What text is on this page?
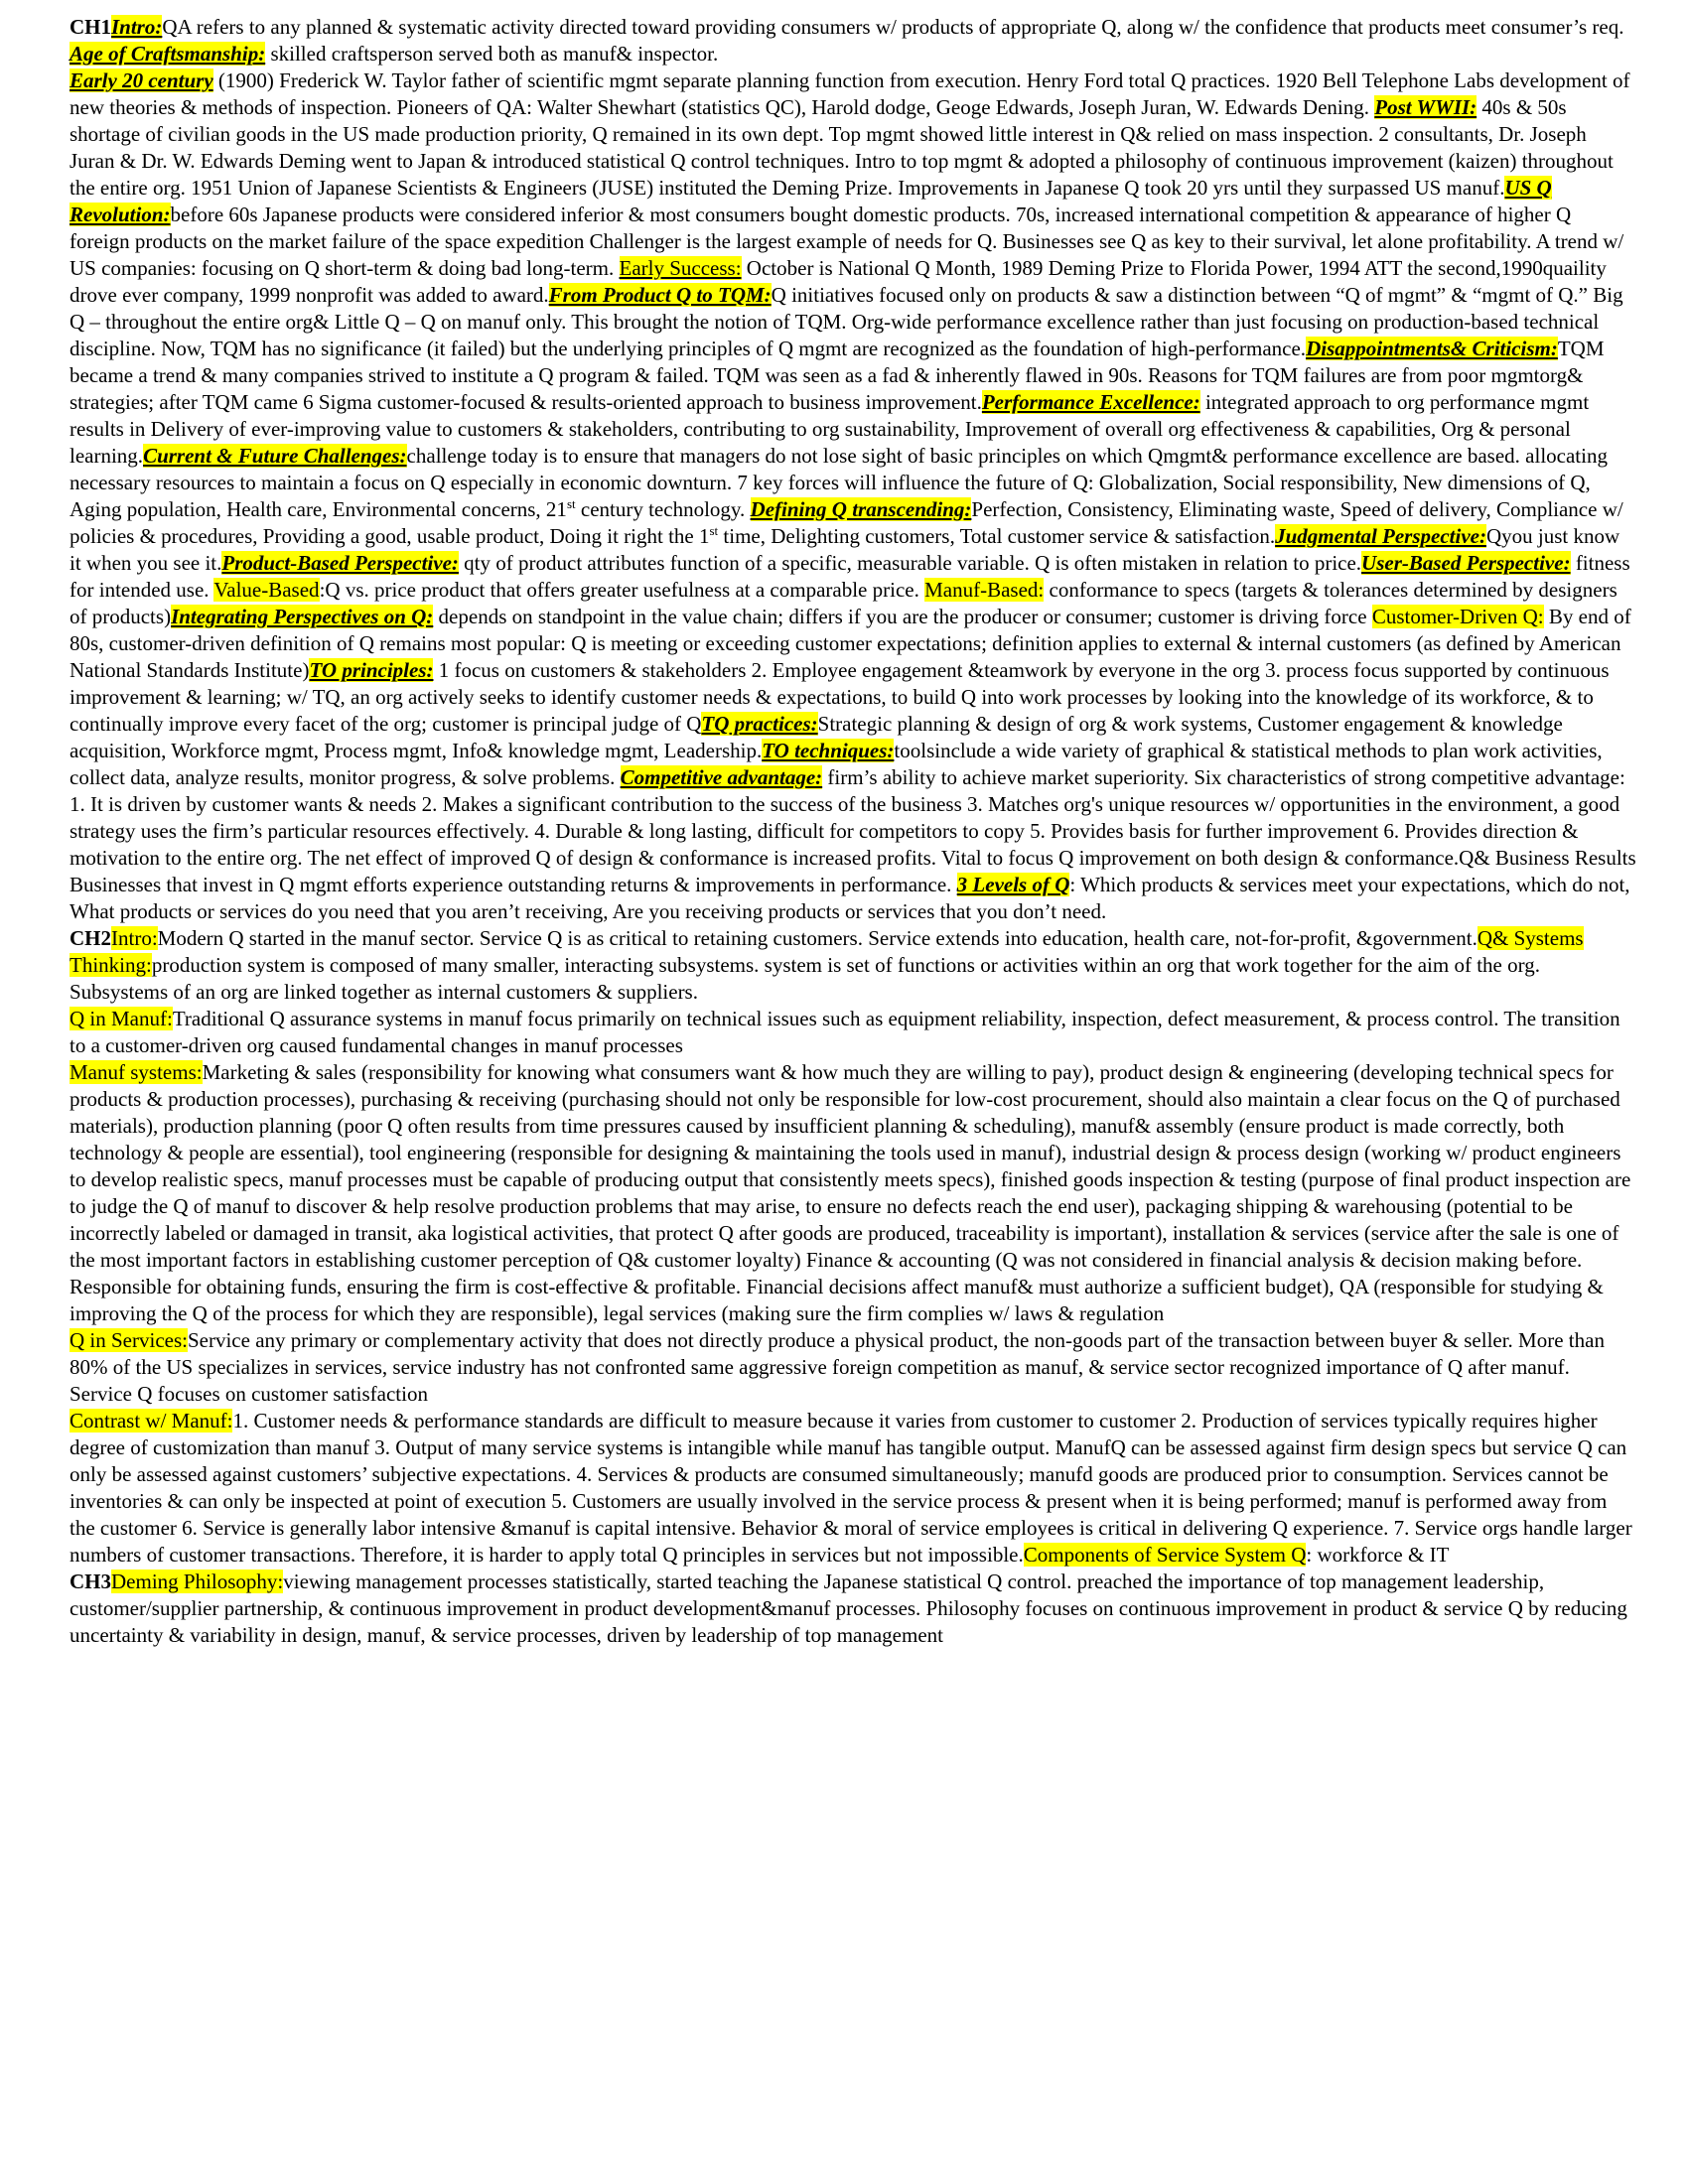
CH1Intro:QA refers to any planned & systematic activity directed toward providing consumers w/ products of appropriate Q, along w/ the confidence that products meet consumer’s req. Age of Craftsmanship: skilled craftsperson served both as manuf& inspector.

Early 20 century (1900) Frederick W. Taylor father of scientific mgmt separate planning function from execution. Henry Ford total Q practices. 1920 Bell Telephone Labs development of new theories & methods of inspection. Pioneers of QA: Walter Shewhart (statistics QC), Harold dodge, Geoge Edwards, Joseph Juran, W. Edwards Dening. Post WWII: 40s & 50s shortage of civilian goods in the US made production priority, Q remained in its own dept. Top mgmt showed little interest in Q& relied on mass inspection. 2 consultants, Dr. Joseph Juran & Dr. W. Edwards Deming went to Japan & introduced statistical Q control techniques. Intro to top mgmt & adopted a philosophy of continuous improvement (kaizen) throughout the entire org. 1951 Union of Japanese Scientists & Engineers (JUSE) instituted the Deming Prize. Improvements in Japanese Q took 20 yrs until they surpassed US manuf.US Q Revolution:before 60s Japanese products were considered inferior & most consumers bought domestic products. 70s, increased international competition & appearance of higher Q foreign products on the market failure of the space expedition Challenger is the largest example of needs for Q. Businesses see Q as key to their survival, let alone profitability. A trend w/ US companies: focusing on Q short-term & doing bad long-term. Early Success: October is National Q Month, 1989 Deming Prize to Florida Power, 1994 ATT the second,1990quaility drove ever company, 1999 nonprofit was added to award.From Product Q to TQM:Q initiatives focused only on products & saw a distinction between “Q of mgmt” & “mgmt of Q.” Big Q – throughout the entire org& Little Q – Q on manuf only. This brought the notion of TQM. Org-wide performance excellence rather than just focusing on production-based technical discipline. Now, TQM has no significance (it failed) but the underlying principles of Q mgmt are recognized as the foundation of high-performance.Disappointments& Criticism:TQM became a trend & many companies strived to institute a Q program & failed. TQM was seen as a fad & inherently flawed in 90s. Reasons for TQM failures are from poor mgmtorg& strategies; after TQM came 6 Sigma customer-focused & results-oriented approach to business improvement.Performance Excellence: integrated approach to org performance mgmt results in Delivery of ever-improving value to customers & stakeholders, contributing to org sustainability, Improvement of overall org effectiveness & capabilities, Org & personal learning.Current & Future Challenges:challenge today is to ensure that managers do not lose sight of basic principles on which Qmgmt& performance excellence are based. allocating necessary resources to maintain a focus on Q especially in economic downturn. 7 key forces will influence the future of Q: Globalization, Social responsibility, New dimensions of Q, Aging population, Health care, Environmental concerns, 21st century technology. Defining Q transcending:Perfection, Consistency, Eliminating waste, Speed of delivery, Compliance w/ policies & procedures, Providing a good, usable product, Doing it right the 1st time, Delighting customers, Total customer service & satisfaction.Judgmental Perspective:Qyou just know it when you see it.Product-Based Perspective: qty of product attributes function of a specific, measurable variable. Q is often mistaken in relation to price.User-Based Perspective: fitness for intended use. Value-Based:Q vs. price product that offers greater usefulness at a comparable price. Manuf-Based: conformance to specs (targets & tolerances determined by designers of products)Integrating Perspectives on Q: depends on standpoint in the value chain; differs if you are the producer or consumer; customer is driving force Customer-Driven Q: By end of 80s, customer-driven definition of Q remains most popular: Q is meeting or exceeding customer expectations; definition applies to external & internal customers (as defined by American National Standards Institute)TO principles: 1 focus on customers & stakeholders 2. Employee engagement &teamwork by everyone in the org 3. process focus supported by continuous improvement & learning; w/ TQ, an org actively seeks to identify customer needs & expectations, to build Q into work processes by looking into the knowledge of its workforce, & to continually improve every facet of the org; customer is principal judge of QTQ practices:Strategic planning & design of org & work systems, Customer engagement & knowledge acquisition, Workforce mgmt, Process mgmt, Info& knowledge mgmt, Leadership.TO techniques:toolsinclude a wide variety of graphical & statistical methods to plan work activities, collect data, analyze results, monitor progress, & solve problems. Competitive advantage: firm’s ability to achieve market superiority. Six characteristics of strong competitive advantage: 1. It is driven by customer wants & needs 2. Makes a significant contribution to the success of the business 3. Matches org's unique resources w/ opportunities in the environment, a good strategy uses the firm’s particular resources effectively. 4. Durable & long lasting, difficult for competitors to copy 5. Provides basis for further improvement 6. Provides direction & motivation to the entire org. The net effect of improved Q of design & conformance is increased profits. Vital to focus Q improvement on both design & conformance.Q& Business Results Businesses that invest in Q mgmt efforts experience outstanding returns & improvements in performance. 3 Levels of Q: Which products & services meet your expectations, which do not, What products or services do you need that you aren’t receiving, Are you receiving products or services that you don’t need.

CH2Intro:Modern Q started in the manuf sector. Service Q is as critical to retaining customers. Service extends into education, health care, not-for-profit, &government.Q& Systems Thinking:production system is composed of many smaller, interacting subsystems. system is set of functions or activities within an org that work together for the aim of the org. Subsystems of an org are linked together as internal customers & suppliers.

Q in Manuf:Traditional Q assurance systems in manuf focus primarily on technical issues such as equipment reliability, inspection, defect measurement, & process control. The transition to a customer-driven org caused fundamental changes in manuf processes

Manuf systems:Marketing & sales (responsibility for knowing what consumers want & how much they are willing to pay), product design & engineering (developing technical specs for products & production processes), purchasing & receiving (purchasing should not only be responsible for low-cost procurement, should also maintain a clear focus on the Q of purchased materials), production planning (poor Q often results from time pressures caused by insufficient planning & scheduling), manuf& assembly (ensure product is made correctly, both technology & people are essential), tool engineering (responsible for designing & maintaining the tools used in manuf), industrial design & process design (working w/ product engineers to develop realistic specs, manuf processes must be capable of producing output that consistently meets specs), finished goods inspection & testing (purpose of final product inspection are to judge the Q of manuf to discover & help resolve production problems that may arise, to ensure no defects reach the end user), packaging shipping & warehousing (potential to be incorrectly labeled or damaged in transit, aka logistical activities, that protect Q after goods are produced, traceability is important), installation & services (service after the sale is one of the most important factors in establishing customer perception of Q& customer loyalty) Finance & accounting (Q was not considered in financial analysis & decision making before. Responsible for obtaining funds, ensuring the firm is cost-effective & profitable. Financial decisions affect manuf& must authorize a sufficient budget), QA (responsible for studying & improving the Q of the process for which they are responsible), legal services (making sure the firm complies w/ laws & regulation

Q in Services:Service any primary or complementary activity that does not directly produce a physical product, the non-goods part of the transaction between buyer & seller. More than 80% of the US specializes in services, service industry has not confronted same aggressive foreign competition as manuf, & service sector recognized importance of Q after manuf. Service Q focuses on customer satisfaction

Contrast w/ Manuf:1. Customer needs & performance standards are difficult to measure because it varies from customer to customer 2. Production of services typically requires higher degree of customization than manuf 3. Output of many service systems is intangible while manuf has tangible output. ManufQ can be assessed against firm design specs but service Q can only be assessed against customers’ subjective expectations. 4. Services & products are consumed simultaneously; manufd goods are produced prior to consumption. Services cannot be inventories & can only be inspected at point of execution 5. Customers are usually involved in the service process & present when it is being performed; manuf is performed away from the customer 6. Service is generally labor intensive &manuf is capital intensive. Behavior & moral of service employees is critical in delivering Q experience. 7. Service orgs handle larger numbers of customer transactions. Therefore, it is harder to apply total Q principles in services but not impossible.Components of Service System Q: workforce & IT

CH3Deming Philosophy:viewing management processes statistically, started teaching the Japanese statistical Q control. preached the importance of top management leadership, customer/supplier partnership, & continuous improvement in product development&manuf processes. Philosophy focuses on continuous improvement in product & service Q by reducing uncertainty & variability in design, manuf, & service processes, driven by leadership of top management
